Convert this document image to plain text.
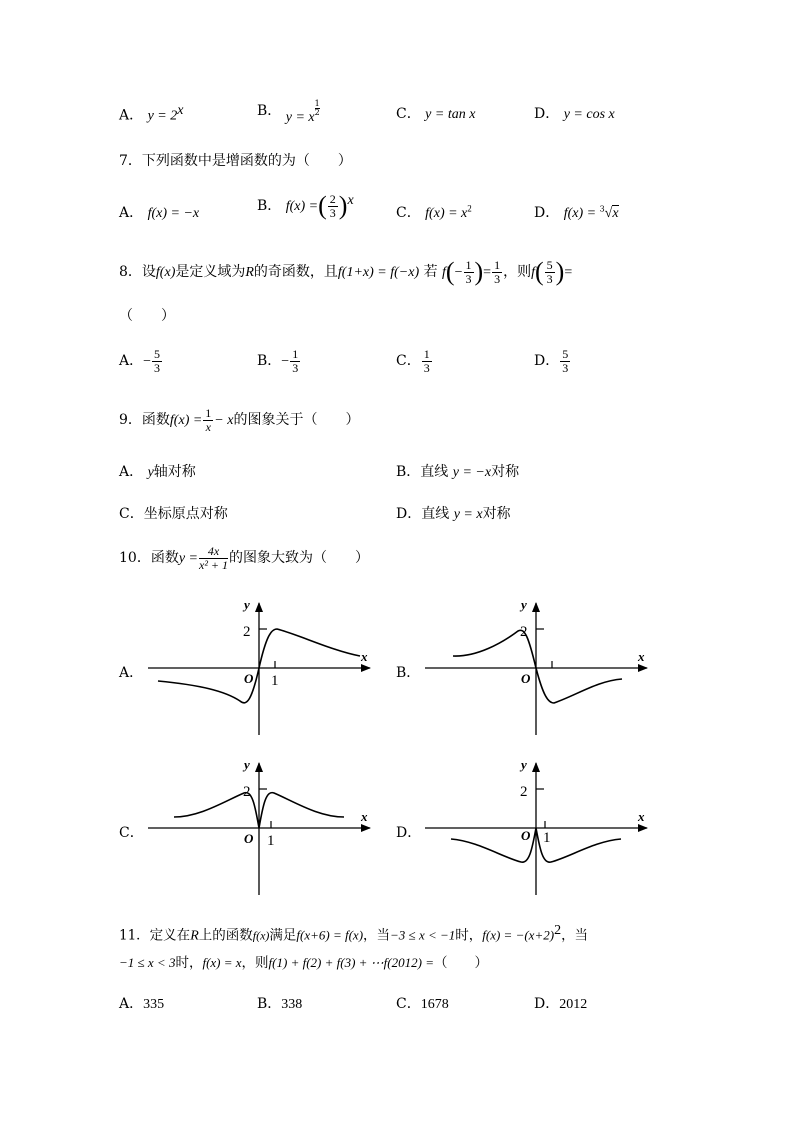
A． $y = 2^x$	B． y = x
$\frac{1}{2}$	C． y = tan x	D． y = cos x
7．下列函数中是增函数的为（　　）
A． f(x) = −x	B． f(x) =( $\frac{2}{3} )^x$
C． $f(x) = x^2$	D． f(x) = $^3$√x
8．设f(x)是定义域为R的奇函数，且f(1+x) = f(−x) 若 $f(- \frac{1}{3}$ )= $\frac{1}{3}$ ，则$f( \frac{5}{3}$ )=
（　　）
A．− $\frac{5}{3}$	B．− $\frac{1}{3}$	C． $\frac{1}{3}$	D． $\frac{5}{3}$
9．函数$f(x) = \frac{1}{x} - x$的图象关于（　　）
A． y轴对称	B．直线 y = −x对称
C．坐标原点对称	D．直线 y = x对称
10．函数$y = \frac{4x}{\text{x² + 1}}$ 的图象大致为（　　）
A．	B．
C．	D．
2
1
O
x
y
2
O
x
y
2
1
O
x
y
2
1
O
x
y
11．定义在R上的函数f(x)满足f(x+6) = f(x)，当−3 ≤ x < −1时，$f(x) = -(x+2)^2$，当
−1 ≤ x < 3时，f(x) = x，则f(1) + f(2) + f(3) + ⋯f(2012) =（　　）
A．335	B．338	C．1678	D．2012
